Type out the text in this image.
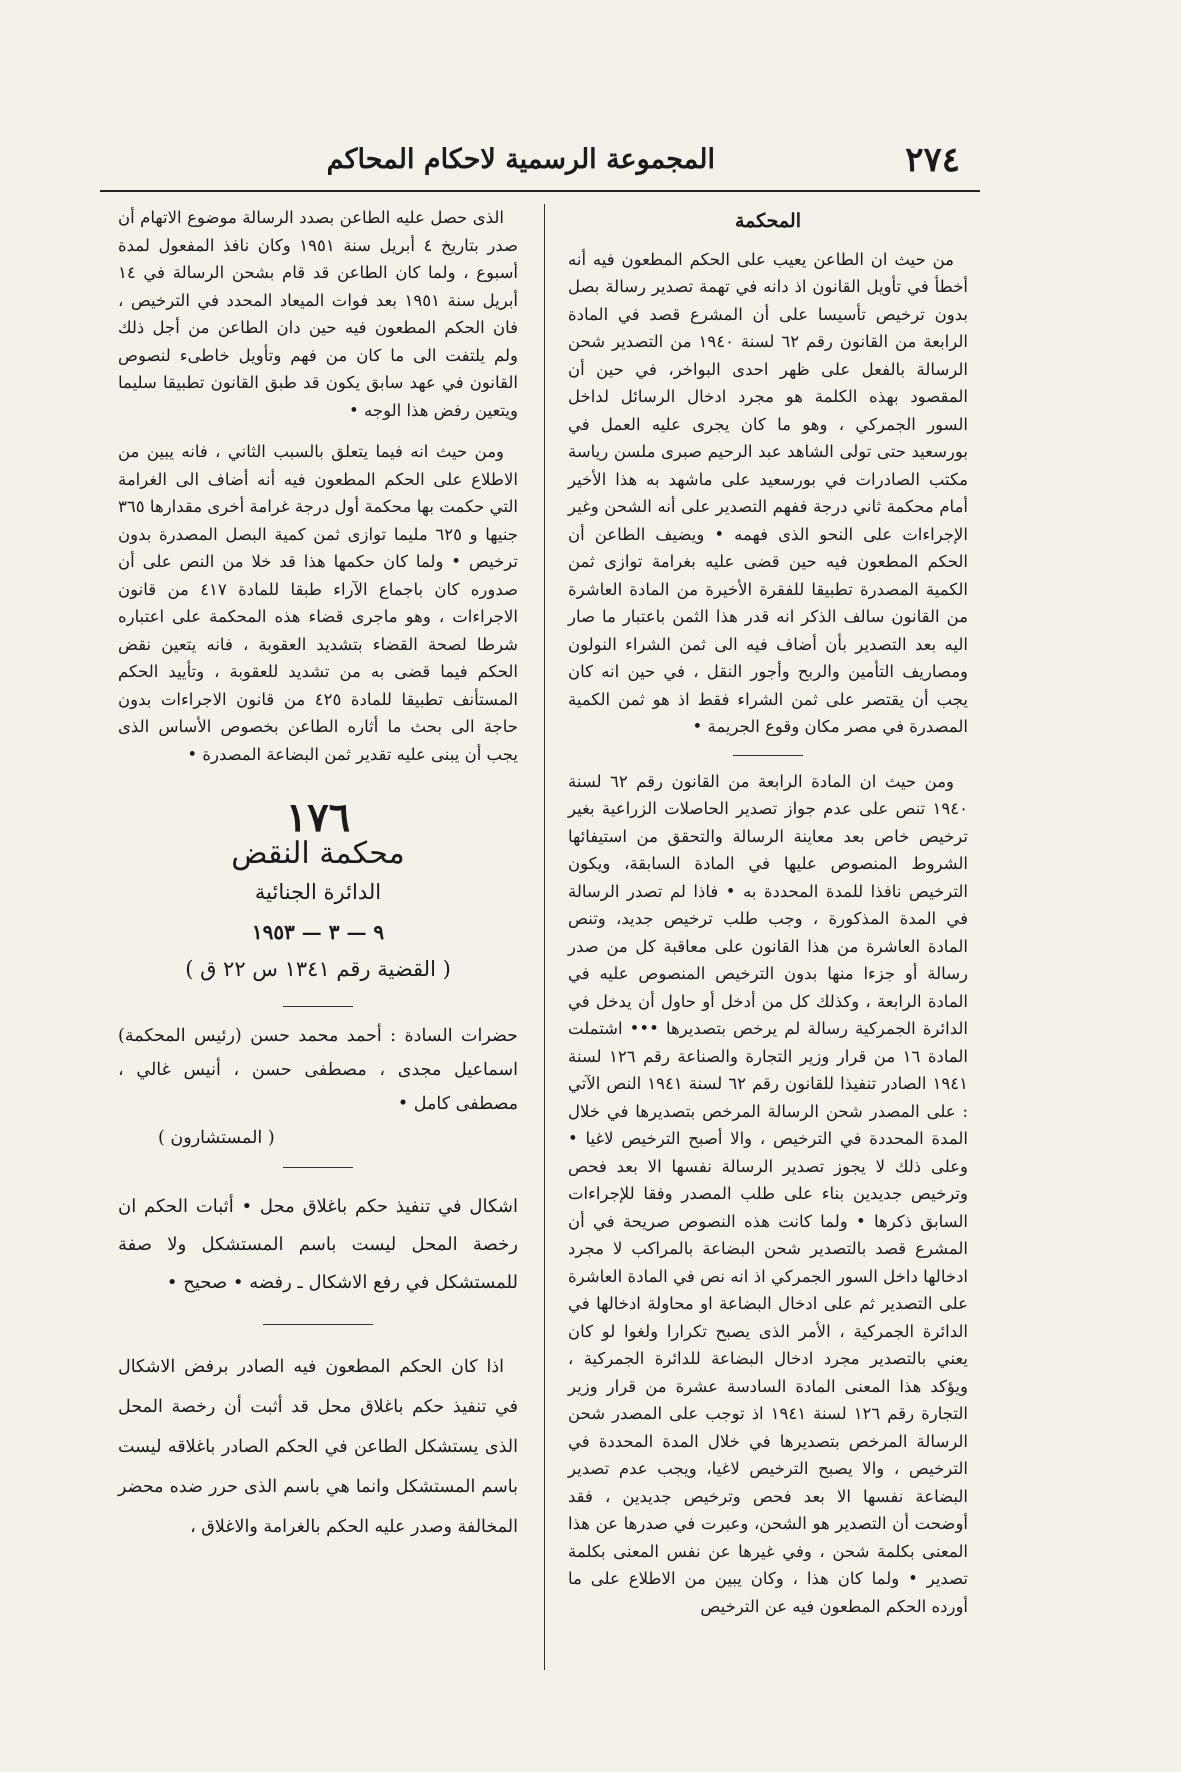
٢٧٤
المجموعة الرسمية لاحكام المحاكم
المحكمة

من حيث ان الطاعن يعيب على الحكم المطعون فيه أنه أخطأ في تأويل القانون اذ دانه في تهمة تصدير رسالة بصل بدون ترخيص تأسيسا على أن المشرع قصد في المادة الرابعة من القانون رقم ٦٢ لسنة ١٩٤٠ من التصدير شحن الرسالة بالفعل على ظهر احدى البواخر، في حين أن المقصود بهذه الكلمة هو مجرد ادخال الرسائل لداخل السور الجمركي ، وهو ما كان يجرى عليه العمل في بورسعيد حتى تولى الشاهد عبد الرحيم صبرى ملسن رياسة مكتب الصادرات في بورسعيد على ماشهد به هذا الأخير أمام محكمة ثاني درجة ففهم التصدير على أنه الشحن وغير الإجراءات على النحو الذى فهمه • ويضيف الطاعن أن الحكم المطعون فيه حين قضى عليه بغرامة توازى ثمن الكمية المصدرة تطبيقا للفقرة الأخيرة من المادة العاشرة من القانون سالف الذكر انه قدر هذا الثمن باعتبار ما صار اليه بعد التصدير بأن أضاف فيه الى ثمن الشراء النولون ومصاريف التأمين والربح وأجور النقل ، في حين انه كان يجب أن يقتصر على ثمن الشراء فقط اذ هو ثمن الكمية المصدرة في مصر مكان وقوع الجريمة •

ومن حيث ان المادة الرابعة من القانون رقم ٦٢ لسنة ١٩٤٠ تنص على عدم جواز تصدير الحاصلات الزراعية بغير ترخيص خاص بعد معاينة الرسالة والتحقق من استيفائها الشروط المنصوص عليها في المادة السابقة، ويكون الترخيص نافذا للمدة المحددة به • فاذا لم تصدر الرسالة في المدة المذكورة ، وجب طلب ترخيص جديد، وتنص المادة العاشرة من هذا القانون على معاقبة كل من صدر رسالة أو جزءا منها بدون الترخيص المنصوص عليه في المادة الرابعة ، وكذلك كل من أدخل أو حاول أن يدخل في الدائرة الجمركية رسالة لم يرخص بتصديرها ••• اشتملت المادة ١٦ من قرار وزير التجارة والصناعة رقم ١٢٦ لسنة ١٩٤١ الصادر تنفيذا للقانون رقم ٦٢ لسنة ١٩٤١ النص الآتي : على المصدر شحن الرسالة المرخص بتصديرها في خلال المدة المحددة في الترخيص ، والا أصبح الترخيص لاغيا • وعلى ذلك لا يجوز تصدير الرسالة نفسها الا بعد فحص وترخيص جديدين بناء على طلب المصدر وفقا للإجراءات السابق ذكرها • ولما كانت هذه النصوص صريحة في أن المشرع قصد بالتصدير شحن البضاعة بالمراكب لا مجرد ادخالها داخل السور الجمركي اذ انه نص في المادة العاشرة على التصدير ثم على ادخال البضاعة او محاولة ادخالها في الدائرة الجمركية ، الأمر الذى يصبح تكرارا ولغوا لو كان يعني بالتصدير مجرد ادخال البضاعة للدائرة الجمركية ، ويؤكد هذا المعنى المادة السادسة عشرة من قرار وزير التجارة رقم ١٢٦ لسنة ١٩٤١ اذ توجب على المصدر شحن الرسالة المرخص بتصديرها في خلال المدة المحددة في الترخيص ، والا يصبح الترخيص لاغيا، ويجب عدم تصدير البضاعة نفسها الا بعد فحص وترخيص جديدين ، فقد أوضحت أن التصدير هو الشحن، وعبرت في صدرها عن هذا المعنى بكلمة شحن ، وفي غيرها عن نفس المعنى بكلمة تصدير • ولما كان هذا ، وكان يبين من الاطلاع على ما أورده الحكم المطعون فيه عن الترخيص

الذى حصل عليه الطاعن بصدد الرسالة موضوع الاتهام أن صدر بتاريخ ٤ أبريل سنة ١٩٥١ وكان نافذ المفعول لمدة أسبوع ، ولما كان الطاعن قد قام بشحن الرسالة في ١٤ أبريل سنة ١٩٥١ بعد فوات الميعاد المحدد في الترخيص ، فان الحكم المطعون فيه حين دان الطاعن من أجل ذلك ولم يلتفت الى ما كان من فهم وتأويل خاطىء لنصوص القانون في عهد سابق يكون قد طبق القانون تطبيقا سليما ويتعين رفض هذا الوجه •

ومن حيث انه فيما يتعلق بالسبب الثاني ، فانه يبين من الاطلاع على الحكم المطعون فيه أنه أضاف الى الغرامة التي حكمت بها محكمة أول درجة غرامة أخرى مقدارها ٣٦٥ جنيها و ٦٢٥ مليما توازى ثمن كمية البصل المصدرة بدون ترخيص • ولما كان حكمها هذا قد خلا من النص على أن صدوره كان باجماع الآراء طبقا للمادة ٤١٧ من قانون الاجراءات ، وهو ماجرى قضاء هذه المحكمة على اعتباره شرطا لصحة القضاء بتشديد العقوبة ، فانه يتعين نقض الحكم فيما قضى به من تشديد للعقوبة ، وتأييد الحكم المستأنف تطبيقا للمادة ٤٢٥ من قانون الاجراءات بدون حاجة الى بحث ما أثاره الطاعن بخصوص الأساس الذى يجب أن يبنى عليه تقدير ثمن البضاعة المصدرة •

١٧٦
محكمة النقض
الدائرة الجنائية
٩ — ٣ — ١٩٥٣
( القضية رقم ١٣٤١ س ٢٢ ق )
حضرات السادة : أحمد محمد حسن (رئيس المحكمة) اسماعيل مجدى ، مصطفى حسن ، أنيس غالي ، مصطفى كامل •
( المستشارون )
اشكال في تنفيذ حكم باغلاق محل • أثبات الحكم ان رخصة المحل ليست باسم المستشكل ولا صفة للمستشكل في رفع الاشكال ـ رفضه • صحيح •
اذا كان الحكم المطعون فيه الصادر برفض الاشكال في تنفيذ حكم باغلاق محل قد أثبت أن رخصة المحل الذى يستشكل الطاعن في الحكم الصادر باغلاقه ليست باسم المستشكل وانما هي باسم الذى حرر ضده محضر المخالفة وصدر عليه الحكم بالغرامة والاغلاق ،
